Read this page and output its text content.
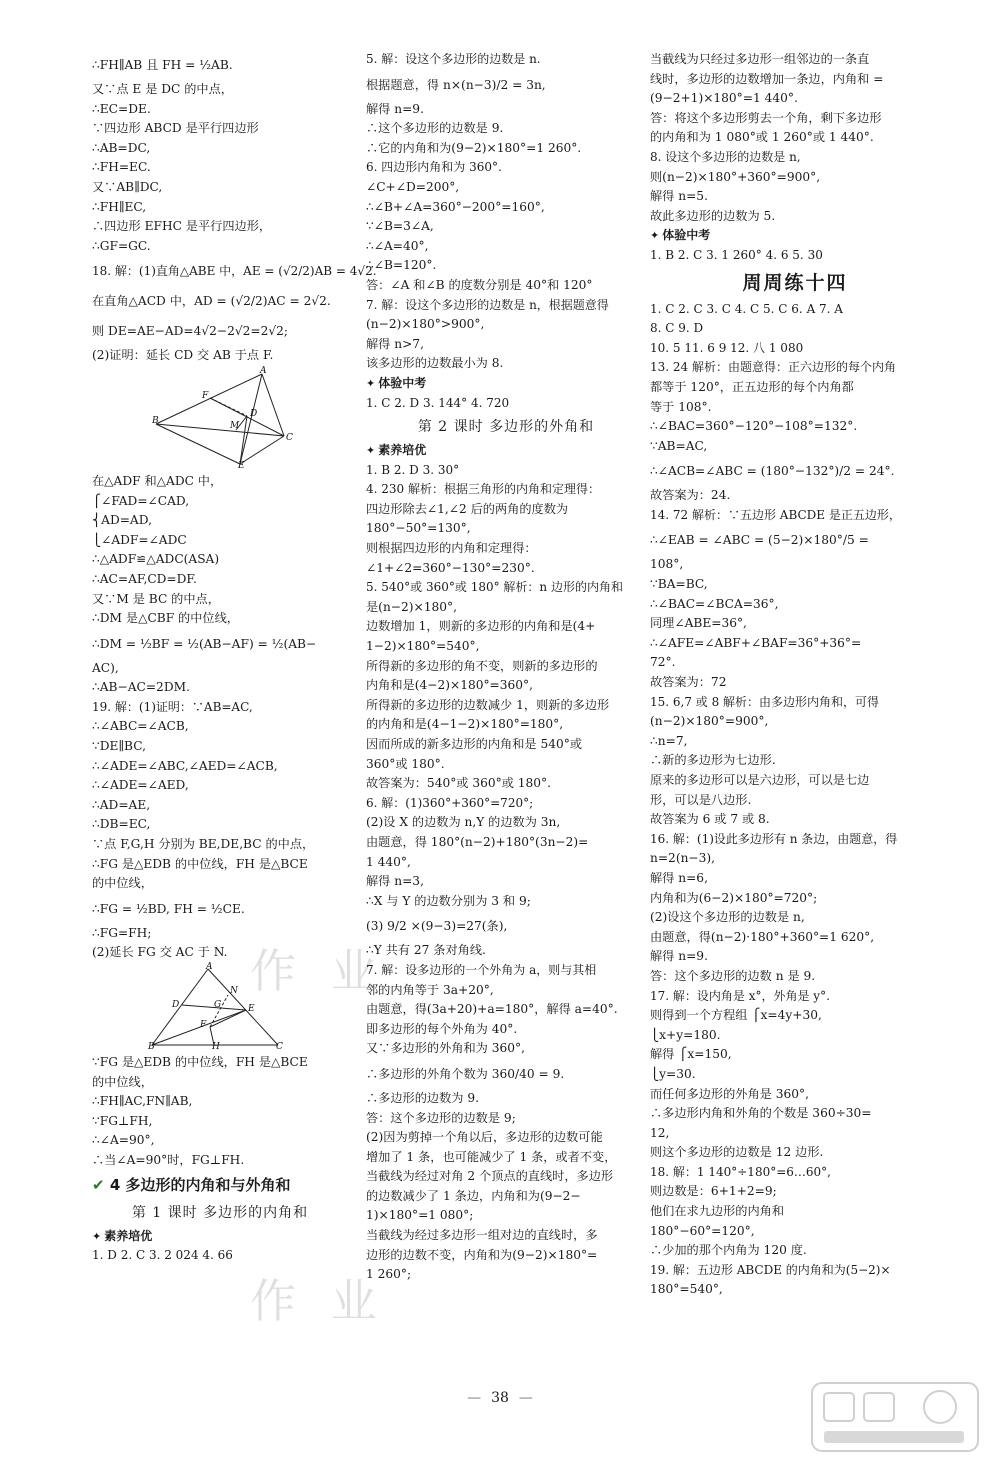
∴FH∥AB 且 FH = ½AB.
又∵点 E 是 DC 的中点，
∴EC=DE.
∵四边形 ABCD 是平行四边形
∴AB=DC,
∴FH=EC.
又∵AB∥DC,
∴FH∥EC,
∴四边形 EFHC 是平行四边形，
∴GF=GC.
18. 解：(1)直角△ABE 中，AE = (√2/2)AB = 4√2.
在直角△ACD 中，AD = (√2/2)AC = 2√2.
则 DE=AE−AD=4√2−2√2=2√2;
(2)证明：延长 CD 交 AB 于点 F.
A
F
D
M
B
C
E
在△ADF 和△ADC 中，
⎧∠FAD=∠CAD,
⎨AD=AD,
⎩∠ADF=∠ADC
∴△ADF≌△ADC(ASA)
∴AC=AF,CD=DF.
又∵M 是 BC 的中点，
∴DM 是△CBF 的中位线，
∴DM = ½BF = ½(AB−AF) = ½(AB−
AC),
∴AB−AC=2DM.
19. 解：(1)证明：∵AB=AC,
∴∠ABC=∠ACB,
∵DE∥BC,
∴∠ADE=∠ABC,∠AED=∠ACB,
∴∠ADE=∠AED,
∴AD=AE,
∴DB=EC,
∵点 F,G,H 分别为 BE,DE,BC 的中点，
∴FG 是△EDB 的中位线，FH 是△BCE
的中位线，
∴FG = ½BD, FH = ½CE.
∴FG=FH;
(2)延长 FG 交 AC 于 N.
A
N
D	E
G
F
B	H	C
∵FG 是△EDB 的中位线，FH 是△BCE
的中位线，
∴FH∥AC,FN∥AB,
∵FG⊥FH,
∴∠A=90°,
∴当∠A=90°时，FG⊥FH.
✔ 4 多边形的内角和与外角和
第 1 课时 多边形的内角和
✦ 素养培优
1. D 2. C 3. 2 024 4. 66
5. 解：设这个多边形的边数是 n.
根据题意，得 n×(n−3)/2 = 3n,
解得 n=9.
∴这个多边形的边数是 9.
∴它的内角和为(9−2)×180°=1 260°.
6. 四边形内角和为 360°.
∠C+∠D=200°,
∴∠B+∠A=360°−200°=160°,
∵∠B=3∠A,
∴∠A=40°,
∴∠B=120°.
答：∠A 和∠B 的度数分别是 40°和 120°
7. 解：设这个多边形的边数是 n，根据题意得
(n−2)×180°>900°,
解得 n>7,
该多边形的边数最小为 8.
✦ 体验中考
1. C 2. D 3. 144° 4. 720
第 2 课时 多边形的外角和
✦ 素养培优
1. B 2. D 3. 30°
4. 230 解析：根据三角形的内角和定理得：
四边形除去∠1,∠2 后的两角的度数为
180°−50°=130°,
则根据四边形的内角和定理得：
∠1+∠2=360°−130°=230°.
5. 540°或 360°或 180° 解析：n 边形的内角和
是(n−2)×180°,
边数增加 1，则新的多边形的内角和是(4+
1−2)×180°=540°,
所得新的多边形的角不变，则新的多边形的
内角和是(4−2)×180°=360°,
所得新的多边形的边数减少 1，则新的多边形
的内角和是(4−1−2)×180°=180°,
因而所成的新多边形的内角和是 540°或
360°或 180°.
故答案为：540°或 360°或 180°.
6. 解：(1)360°+360°=720°;
(2)设 X 的边数为 n,Y 的边数为 3n,
由题意，得 180°(n−2)+180°(3n−2)=
1 440°,
解得 n=3,
∴X 与 Y 的边数分别为 3 和 9;
(3) 9/2 ×(9−3)=27(条),
∴Y 共有 27 条对角线.
7. 解：设多边形的一个外角为 a，则与其相
邻的内角等于 3a+20°,
由题意，得(3a+20)+a=180°，解得 a=40°.
即多边形的每个外角为 40°.
又∵多边形的外角和为 360°,
∴多边形的外角个数为 360/40 = 9.
∴多边形的边数为 9.
答：这个多边形的边数是 9;
(2)因为剪掉一个角以后，多边形的边数可能
增加了 1 条，也可能减少了 1 条，或者不变，
当截线为经过对角 2 个顶点的直线时，多边形
的边数减少了 1 条边，内角和为(9−2−
1)×180°=1 080°;
当截线为经过多边形一组对边的直线时，多
边形的边数不变，内角和为(9−2)×180°=
1 260°;
当截线为只经过多边形一组邻边的一条直
线时，多边形的边数增加一条边，内角和 =
(9−2+1)×180°=1 440°.
答：将这个多边形剪去一个角，剩下多边形
的内角和为 1 080°或 1 260°或 1 440°.
8. 设这个多边形的边数是 n,
则(n−2)×180°+360°=900°,
解得 n=5.
故此多边形的边数为 5.
✦ 体验中考
1. B 2. C 3. 1 260° 4. 6 5. 30
周周练十四
1. C 2. C 3. C 4. C 5. C 6. A 7. A
8. C 9. D
10. 5 11. 6 9 12. 八 1 080
13. 24 解析：由题意得：正六边形的每个内角
都等于 120°，正五边形的每个内角都
等于 108°.
∴∠BAC=360°−120°−108°=132°.
∵AB=AC,
∴∠ACB=∠ABC = (180°−132°)/2 = 24°.
故答案为：24.
14. 72 解析：∵五边形 ABCDE 是正五边形，
∴∠EAB = ∠ABC = (5−2)×180°/5 =
108°,
∵BA=BC,
∴∠BAC=∠BCA=36°,
同理∠ABE=36°,
∴∠AFE=∠ABF+∠BAF=36°+36°=
72°.
故答案为：72
15. 6,7 或 8 解析：由多边形内角和，可得
(n−2)×180°=900°,
∴n=7,
∴新的多边形为七边形.
原来的多边形可以是六边形，可以是七边
形，可以是八边形.
故答案为 6 或 7 或 8.
16. 解：(1)设此多边形有 n 条边，由题意，得
n=2(n−3),
解得 n=6,
内角和为(6−2)×180°=720°;
(2)设这个多边形的边数是 n,
由题意，得(n−2)·180°+360°=1 620°,
解得 n=9.
答：这个多边形的边数 n 是 9.
17. 解：设内角是 x°，外角是 y°.
则得到一个方程组 ⎧x=4y+30,
⎩x+y=180.
解得 ⎧x=150,
⎩y=30.
而任何多边形的外角是 360°,
∴多边形内角和外角的个数是 360÷30=
12,
则这个多边形的边数是 12 边形.
18. 解：1 140°÷180°=6…60°,
则边数是：6+1+2=9;
他们在求九边形的内角和
180°−60°=120°,
∴少加的那个内角为 120 度.
19. 解：五边形 ABCDE 的内角和为(5−2)×
180°=540°,
— 38 —
作 业
作 业
